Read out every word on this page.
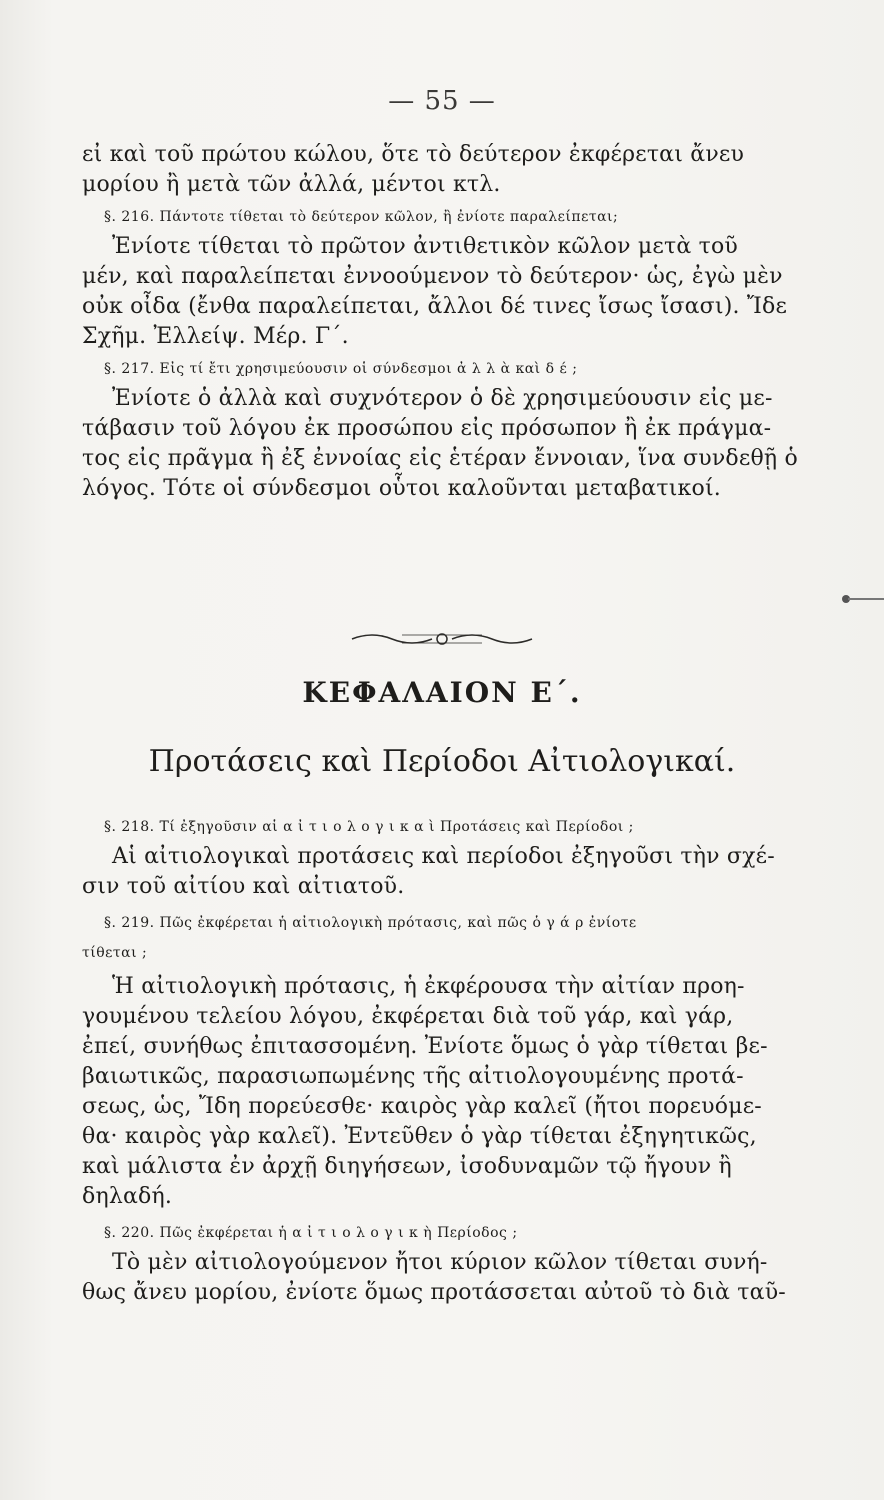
— 55 —
εἰ καὶ τοῦ πρώτου κώλου, ὅτε τὸ δεύτερον ἐκφέρεται ἄνευ
μορίου ἢ μετὰ τῶν ἀλλά, μέντοι κτλ.
§. 216. Πάντοτε τίθεται τὸ δεύτερον κῶλον, ἢ ἐνίοτε παραλείπεται;
Ἐνίοτε τίθεται τὸ πρῶτον ἀντιθετικὸν κῶλον μετὰ τοῦ
μέν, καὶ παραλείπεται ἐννοούμενον τὸ δεύτερον· ὡς, ἐγὼ μὲν
οὐκ οἶδα (ἔνθα παραλείπεται, ἄλλοι δέ τινες ἴσως ἴσασι). Ἴδε
Σχῆμ. Ἐλλείψ. Μέρ. Γ΄.
§. 217. Εἰς τί ἔτι χρησιμεύουσιν οἱ σύνδεσμοι ἀ λ λ ὰ καὶ δ έ ;
Ἐνίοτε ὁ ἀλλὰ καὶ συχνότερον ὁ δὲ χρησιμεύουσιν εἰς με-
τάβασιν τοῦ λόγου ἐκ προσώπου εἰς πρόσωπον ἢ ἐκ πράγμα-
τος εἰς πρᾶγμα ἢ ἐξ ἐννοίας εἰς ἑτέραν ἔννοιαν, ἵνα συνδεθῇ ὁ
λόγος. Τότε οἱ σύνδεσμοι οὗτοι καλοῦνται μεταβατικοί.
ΚΕΦΑΛΑΙΟΝ Ε΄.
Προτάσεις καὶ Περίοδοι Αἰτιολογικαί.
§. 218. Τί ἐξηγοῦσιν αἱ α ἰ τ ι ο λ ο γ ι κ α ὶ Προτάσεις καὶ Περίοδοι ;
Αἱ αἰτιολογικαὶ προτάσεις καὶ περίοδοι ἐξηγοῦσι τὴν σχέ-
σιν τοῦ αἰτίου καὶ αἰτιατοῦ.
§. 219. Πῶς ἐκφέρεται ἡ αἰτιολογικὴ πρότασις, καὶ πῶς ὁ γ ά ρ ἐνίοτε
τίθεται ;
Ἡ αἰτιολογικὴ πρότασις, ἡ ἐκφέρουσα τὴν αἰτίαν προη-
γουμένου τελείου λόγου, ἐκφέρεται διὰ τοῦ γάρ, καὶ γάρ,
ἐπεί, συνήθως ἐπιτασσομένη. Ἐνίοτε ὅμως ὁ γὰρ τίθεται βε-
βαιωτικῶς, παρασιωπωμένης τῆς αἰτιολογουμένης προτά-
σεως, ὡς, Ἴδη πορεύεσθε· καιρὸς γὰρ καλεῖ (ἤτοι πορευόμε-
θα· καιρὸς γὰρ καλεῖ). Ἐντεῦθεν ὁ γὰρ τίθεται ἐξηγητικῶς,
καὶ μάλιστα ἐν ἀρχῇ διηγήσεων, ἰσοδυναμῶν τῷ ἤγουν ἢ
δηλαδή.
§. 220. Πῶς ἐκφέρεται ἡ α ἰ τ ι ο λ ο γ ι κ ὴ Περίοδος ;
Τὸ μὲν αἰτιολογούμενον ἤτοι κύριον κῶλον τίθεται συνή-
θως ἄνευ μορίου, ἐνίοτε ὅμως προτάσσεται αὐτοῦ τὸ διὰ ταῦ-
